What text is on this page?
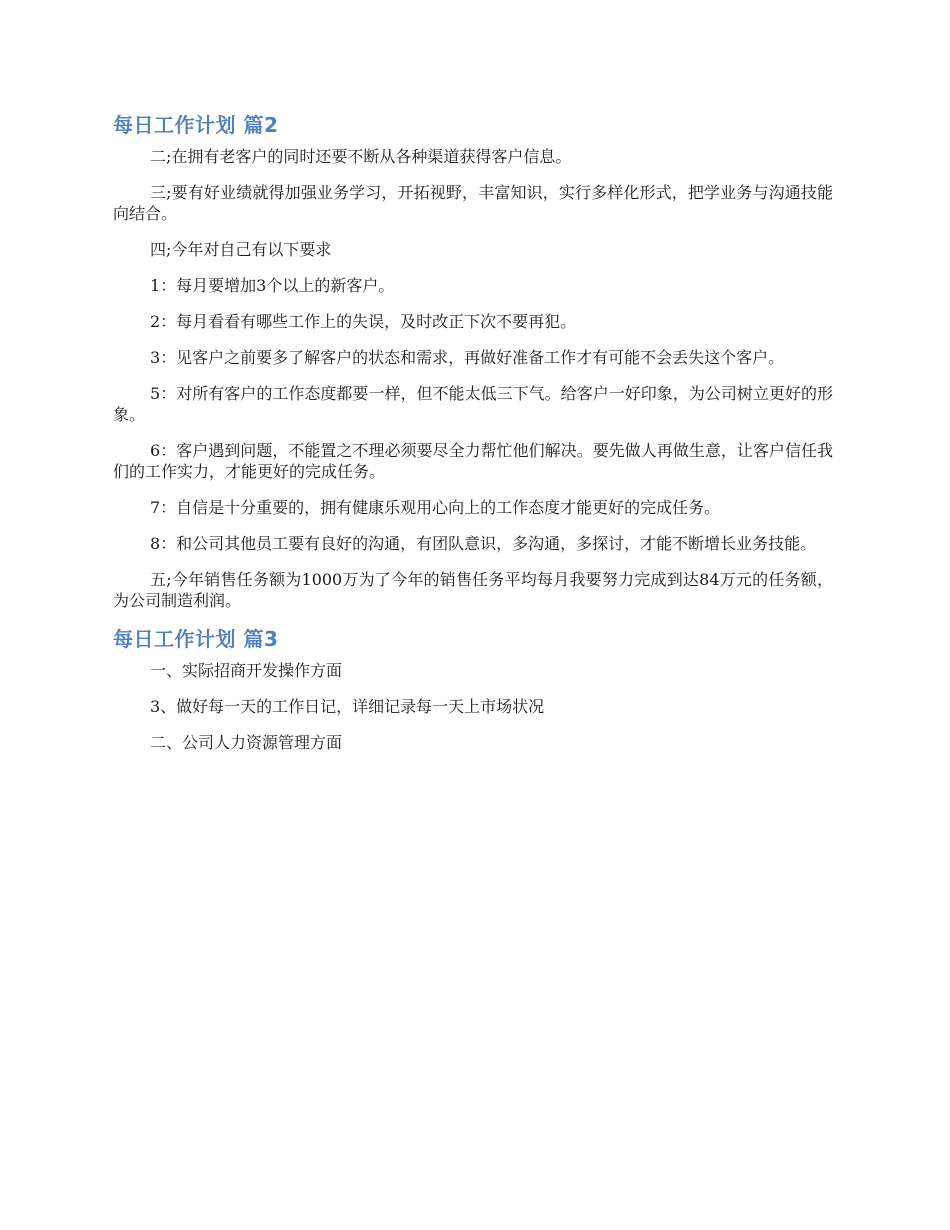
每日工作计划 篇2

二;在拥有老客户的同时还要不断从各种渠道获得客户信息。

三;要有好业绩就得加强业务学习，开拓视野，丰富知识，实行多样化形式，把学业务与沟通技能向结合。

四;今年对自己有以下要求

1：每月要增加3个以上的新客户。

2：每月看看有哪些工作上的失误，及时改正下次不要再犯。

3：见客户之前要多了解客户的状态和需求，再做好准备工作才有可能不会丢失这个客户。

5：对所有客户的工作态度都要一样，但不能太低三下气。给客户一好印象，为公司树立更好的形象。

6：客户遇到问题，不能置之不理必须要尽全力帮忙他们解决。要先做人再做生意，让客户信任我们的工作实力，才能更好的完成任务。

7：自信是十分重要的，拥有健康乐观用心向上的工作态度才能更好的完成任务。

8：和公司其他员工要有良好的沟通，有团队意识，多沟通，多探讨，才能不断增长业务技能。

五;今年销售任务额为1000万为了今年的销售任务平均每月我要努力完成到达84万元的任务额，为公司制造利润。

每日工作计划 篇3

一、实际招商开发操作方面

3、做好每一天的工作日记，详细记录每一天上市场状况

二、公司人力资源管理方面
